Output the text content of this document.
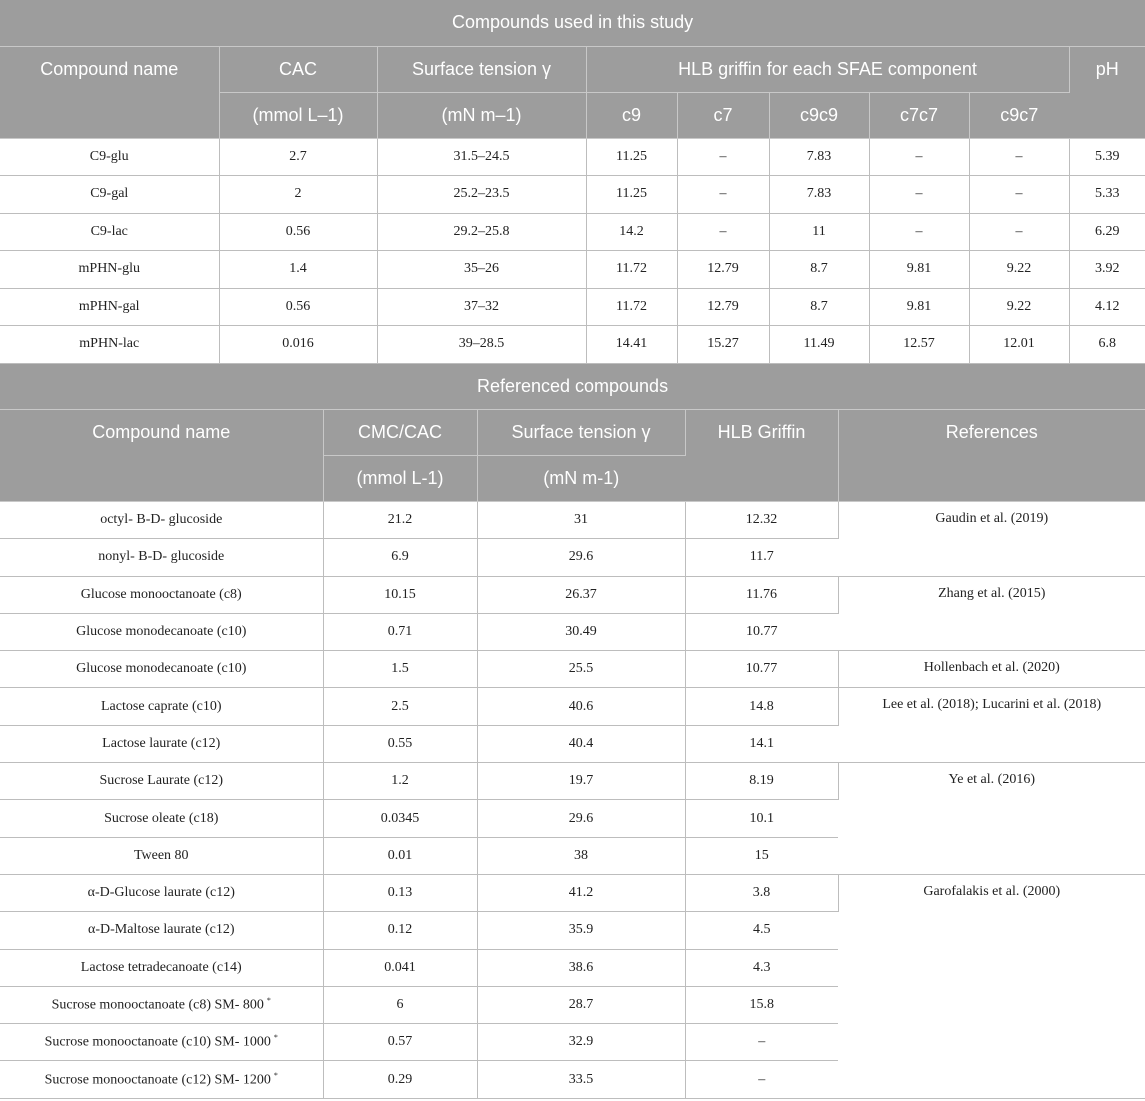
Compounds used in this study								
Compound name	CAC	Surface tension γ	HLB griffin for each SFAE component					pH
	(mmol L–1)	(mN m–1)	c9	c7	c9c9	c7c7	c9c7	
C9-glu	2.7	31.5–24.5	11.25	–	7.83	–	–	5.39
C9-gal	2	25.2–23.5	11.25	–	7.83	–	–	5.33
C9-lac	0.56	29.2–25.8	14.2	–	11	–	–	6.29
mPHN-glu	1.4	35–26	11.72	12.79	8.7	9.81	9.22	3.92
mPHN-gal	0.56	37–32	11.72	12.79	8.7	9.81	9.22	4.12
mPHN-lac	0.016	39–28.5	14.41	15.27	11.49	12.57	12.01	6.8
Referenced compounds				
Compound name	CMC/CAC	Surface tension γ	HLB Griffin	References
	(mmol L-1)	(mN m-1)		
octyl- B-D- glucoside	21.2	31	12.32	Gaudin et al. (2019)
nonyl- B-D- glucoside	6.9	29.6	11.7	
Glucose monooctanoate (c8)	10.15	26.37	11.76	Zhang et al. (2015)
Glucose monodecanoate (c10)	0.71	30.49	10.77	
Glucose monodecanoate (c10)	1.5	25.5	10.77	Hollenbach et al. (2020)
Lactose caprate (c10)	2.5	40.6	14.8	Lee et al. (2018); Lucarini et al. (2018)
Lactose laurate (c12)	0.55	40.4	14.1	
Sucrose Laurate (c12)	1.2	19.7	8.19	Ye et al. (2016)
Sucrose oleate (c18)	0.0345	29.6	10.1	
Tween 80	0.01	38	15	
α-D-Glucose laurate (c12)	0.13	41.2	3.8	Garofalakis et al. (2000)
α-D-Maltose laurate (c12)	0.12	35.9	4.5	
Lactose tetradecanoate (c14)	0.041	38.6	4.3	
Sucrose monooctanoate (c8) SM- 800 *	6	28.7	15.8	
Sucrose monooctanoate (c10) SM- 1000 *	0.57	32.9	–	
Sucrose monooctanoate (c12) SM- 1200 *	0.29	33.5	–	
